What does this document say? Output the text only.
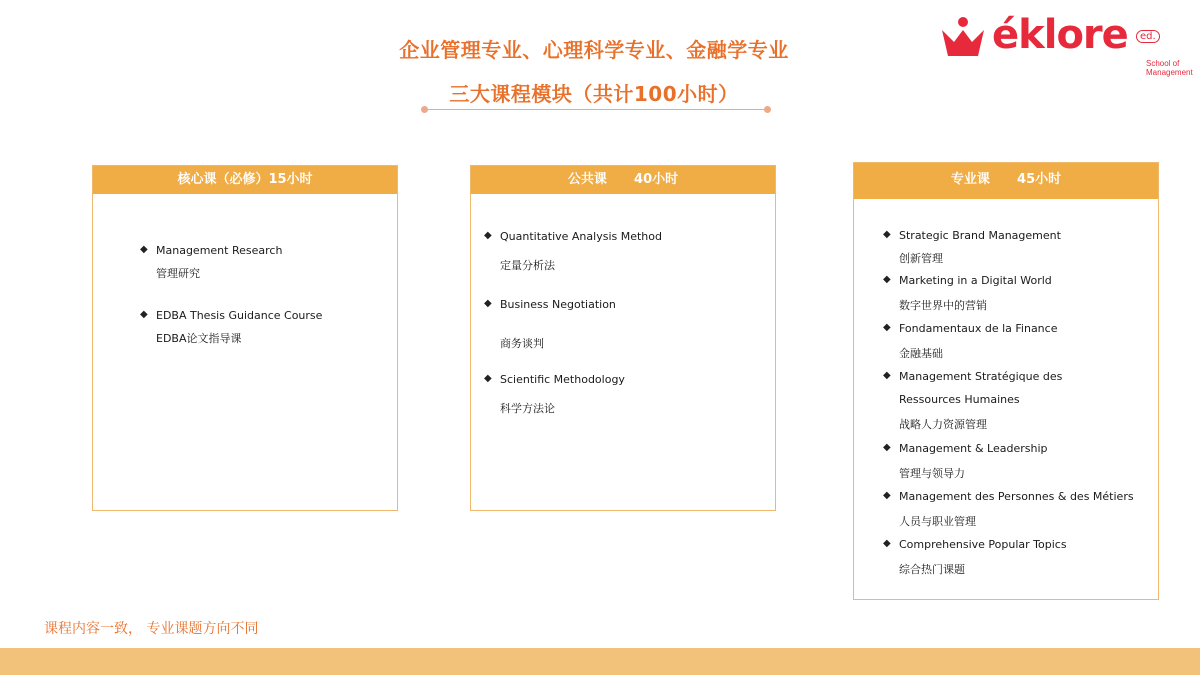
企业管理专业、心理科学专业、金融学专业
三大课程模块（共计100小时）
éklore	ed.
School of
Management
核心课（必修）15小时
◆ Management Research
管理研究
◆ EDBA Thesis Guidance Course
EDBA论文指导课
公共课      40小时
◆ Quantitative Analysis Method
定量分析法
◆ Business Negotiation
商务谈判
◆ Scientific Methodology
科学方法论
专业课      45小时
◆ Strategic Brand Management
创新管理
◆ Marketing in a Digital World
数字世界中的营销
◆ Fondamentaux de la Finance
金融基础
◆ Management Stratégique des
Ressources Humaines
战略人力资源管理
◆ Management & Leadership
管理与领导力
◆ Management des Personnes & des Métiers
人员与职业管理
◆ Comprehensive Popular Topics
综合热门课题
课程内容一致， 专业课题方向不同
